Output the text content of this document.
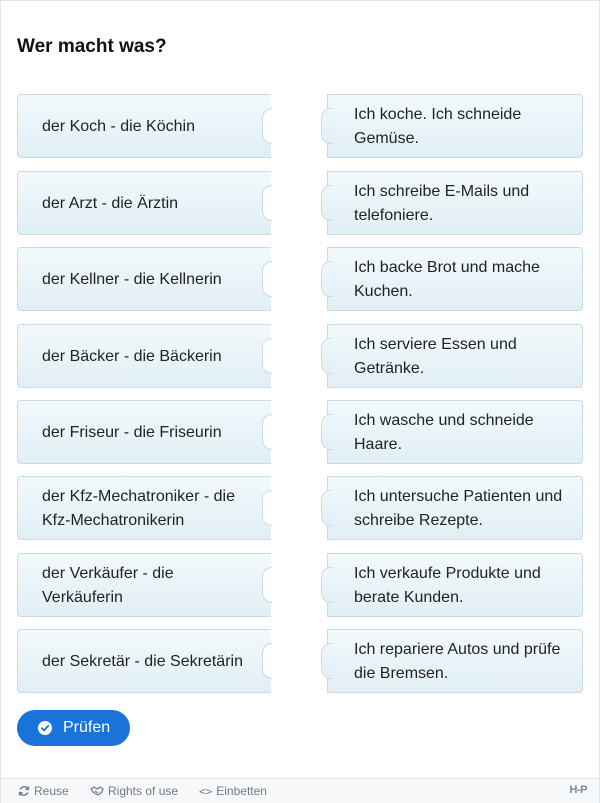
Wer macht was?
der Koch - die Köchin
Ich koche. Ich schneide Gemüse.
der Arzt - die Ärztin
Ich schreibe E-Mails und telefoniere.
der Kellner - die Kellnerin
Ich backe Brot und mache Kuchen.
der Bäcker - die Bäckerin
Ich serviere Essen und Getränke.
der Friseur - die Friseurin
Ich wasche und schneide Haare.
der Kfz-Mechatroniker - die Kfz-Mechatronikerin
Ich untersuche Patienten und schreibe Rezepte.
der Verkäufer - die Verkäuferin
Ich verkaufe Produkte und berate Kunden.
der Sekretär - die Sekretärin
Ich repariere Autos und prüfe die Bremsen.
Prüfen
Reuse	Rights of use <> Einbetten	H‑P
